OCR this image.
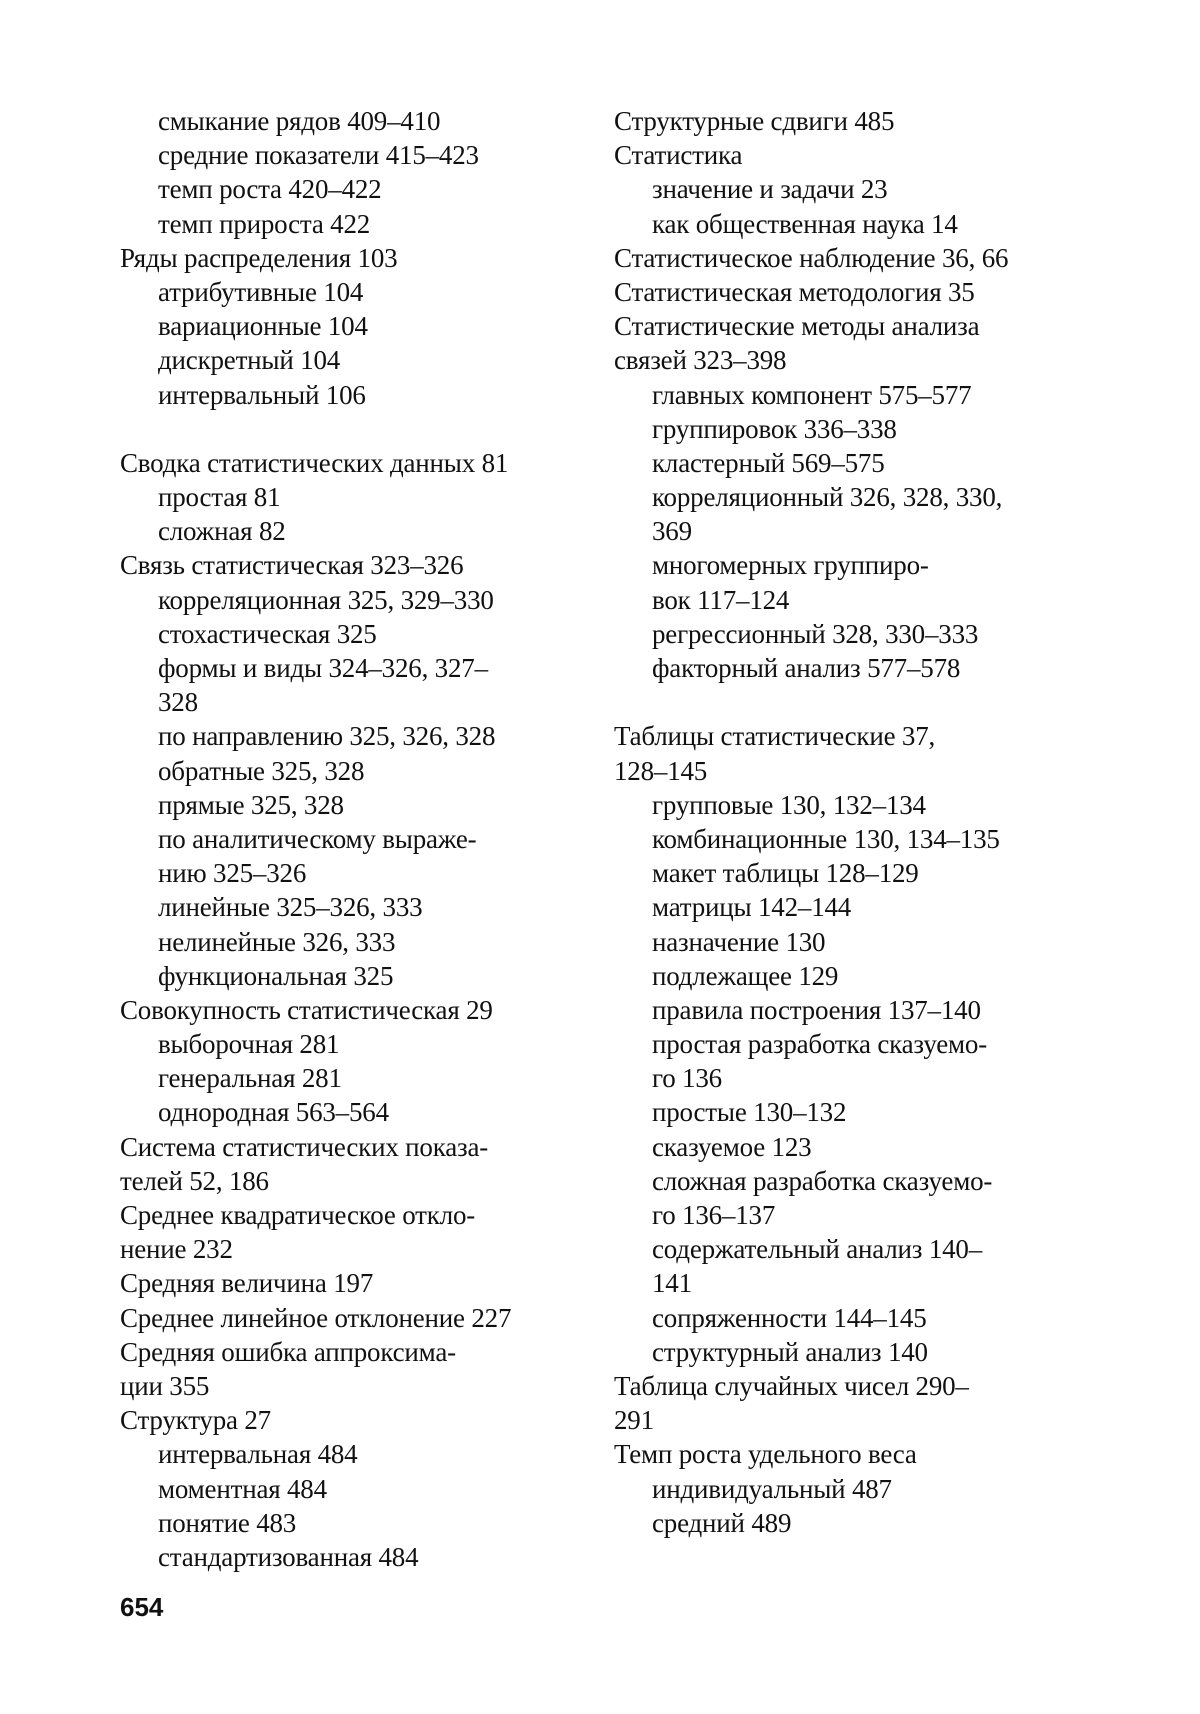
смыкание рядов 409–410
средние показатели 415–423
темп роста 420–422
темп прироста 422
Ряды распределения 103
атрибутивные 104
вариационные 104
дискретный 104
интервальный 106
Сводка статистических данных 81
простая 81
сложная 82
Связь статистическая 323–326
корреляционная 325, 329–330
стохастическая 325
формы и виды 324–326, 327–
328
по направлению 325, 326, 328
обратные 325, 328
прямые 325, 328
по аналитическому выраже-
нию 325–326
линейные 325–326, 333
нелинейные 326, 333
функциональная 325
Совокупность статистическая 29
выборочная 281
генеральная 281
однородная 563–564
Система статистических показа-
телей 52, 186
Среднее квадратическое откло-
нение 232
Средняя величина 197
Среднее линейное отклонение 227
Средняя ошибка аппроксима-
ции 355
Структура 27
интервальная 484
моментная 484
понятие 483
стандартизованная 484
Структурные сдвиги 485
Статистика
значение и задачи 23
как общественная наука 14
Статистическое наблюдение 36, 66
Статистическая методология 35
Статистические методы анализа
связей 323–398
главных компонент 575–577
группировок 336–338
кластерный 569–575
корреляционный 326, 328, 330,
369
многомерных группиро-
вок 117–124
регрессионный 328, 330–333
факторный анализ 577–578
Таблицы статистические 37,
128–145
групповые 130, 132–134
комбинационные 130, 134–135
макет таблицы 128–129
матрицы 142–144
назначение 130
подлежащее 129
правила построения 137–140
простая разработка сказуемо-
го 136
простые 130–132
сказуемое 123
сложная разработка сказуемо-
го 136–137
содержательный анализ 140–
141
сопряженности 144–145
структурный анализ 140
Таблица случайных чисел 290–
291
Темп роста удельного веса
индивидуальный 487
средний 489
654
